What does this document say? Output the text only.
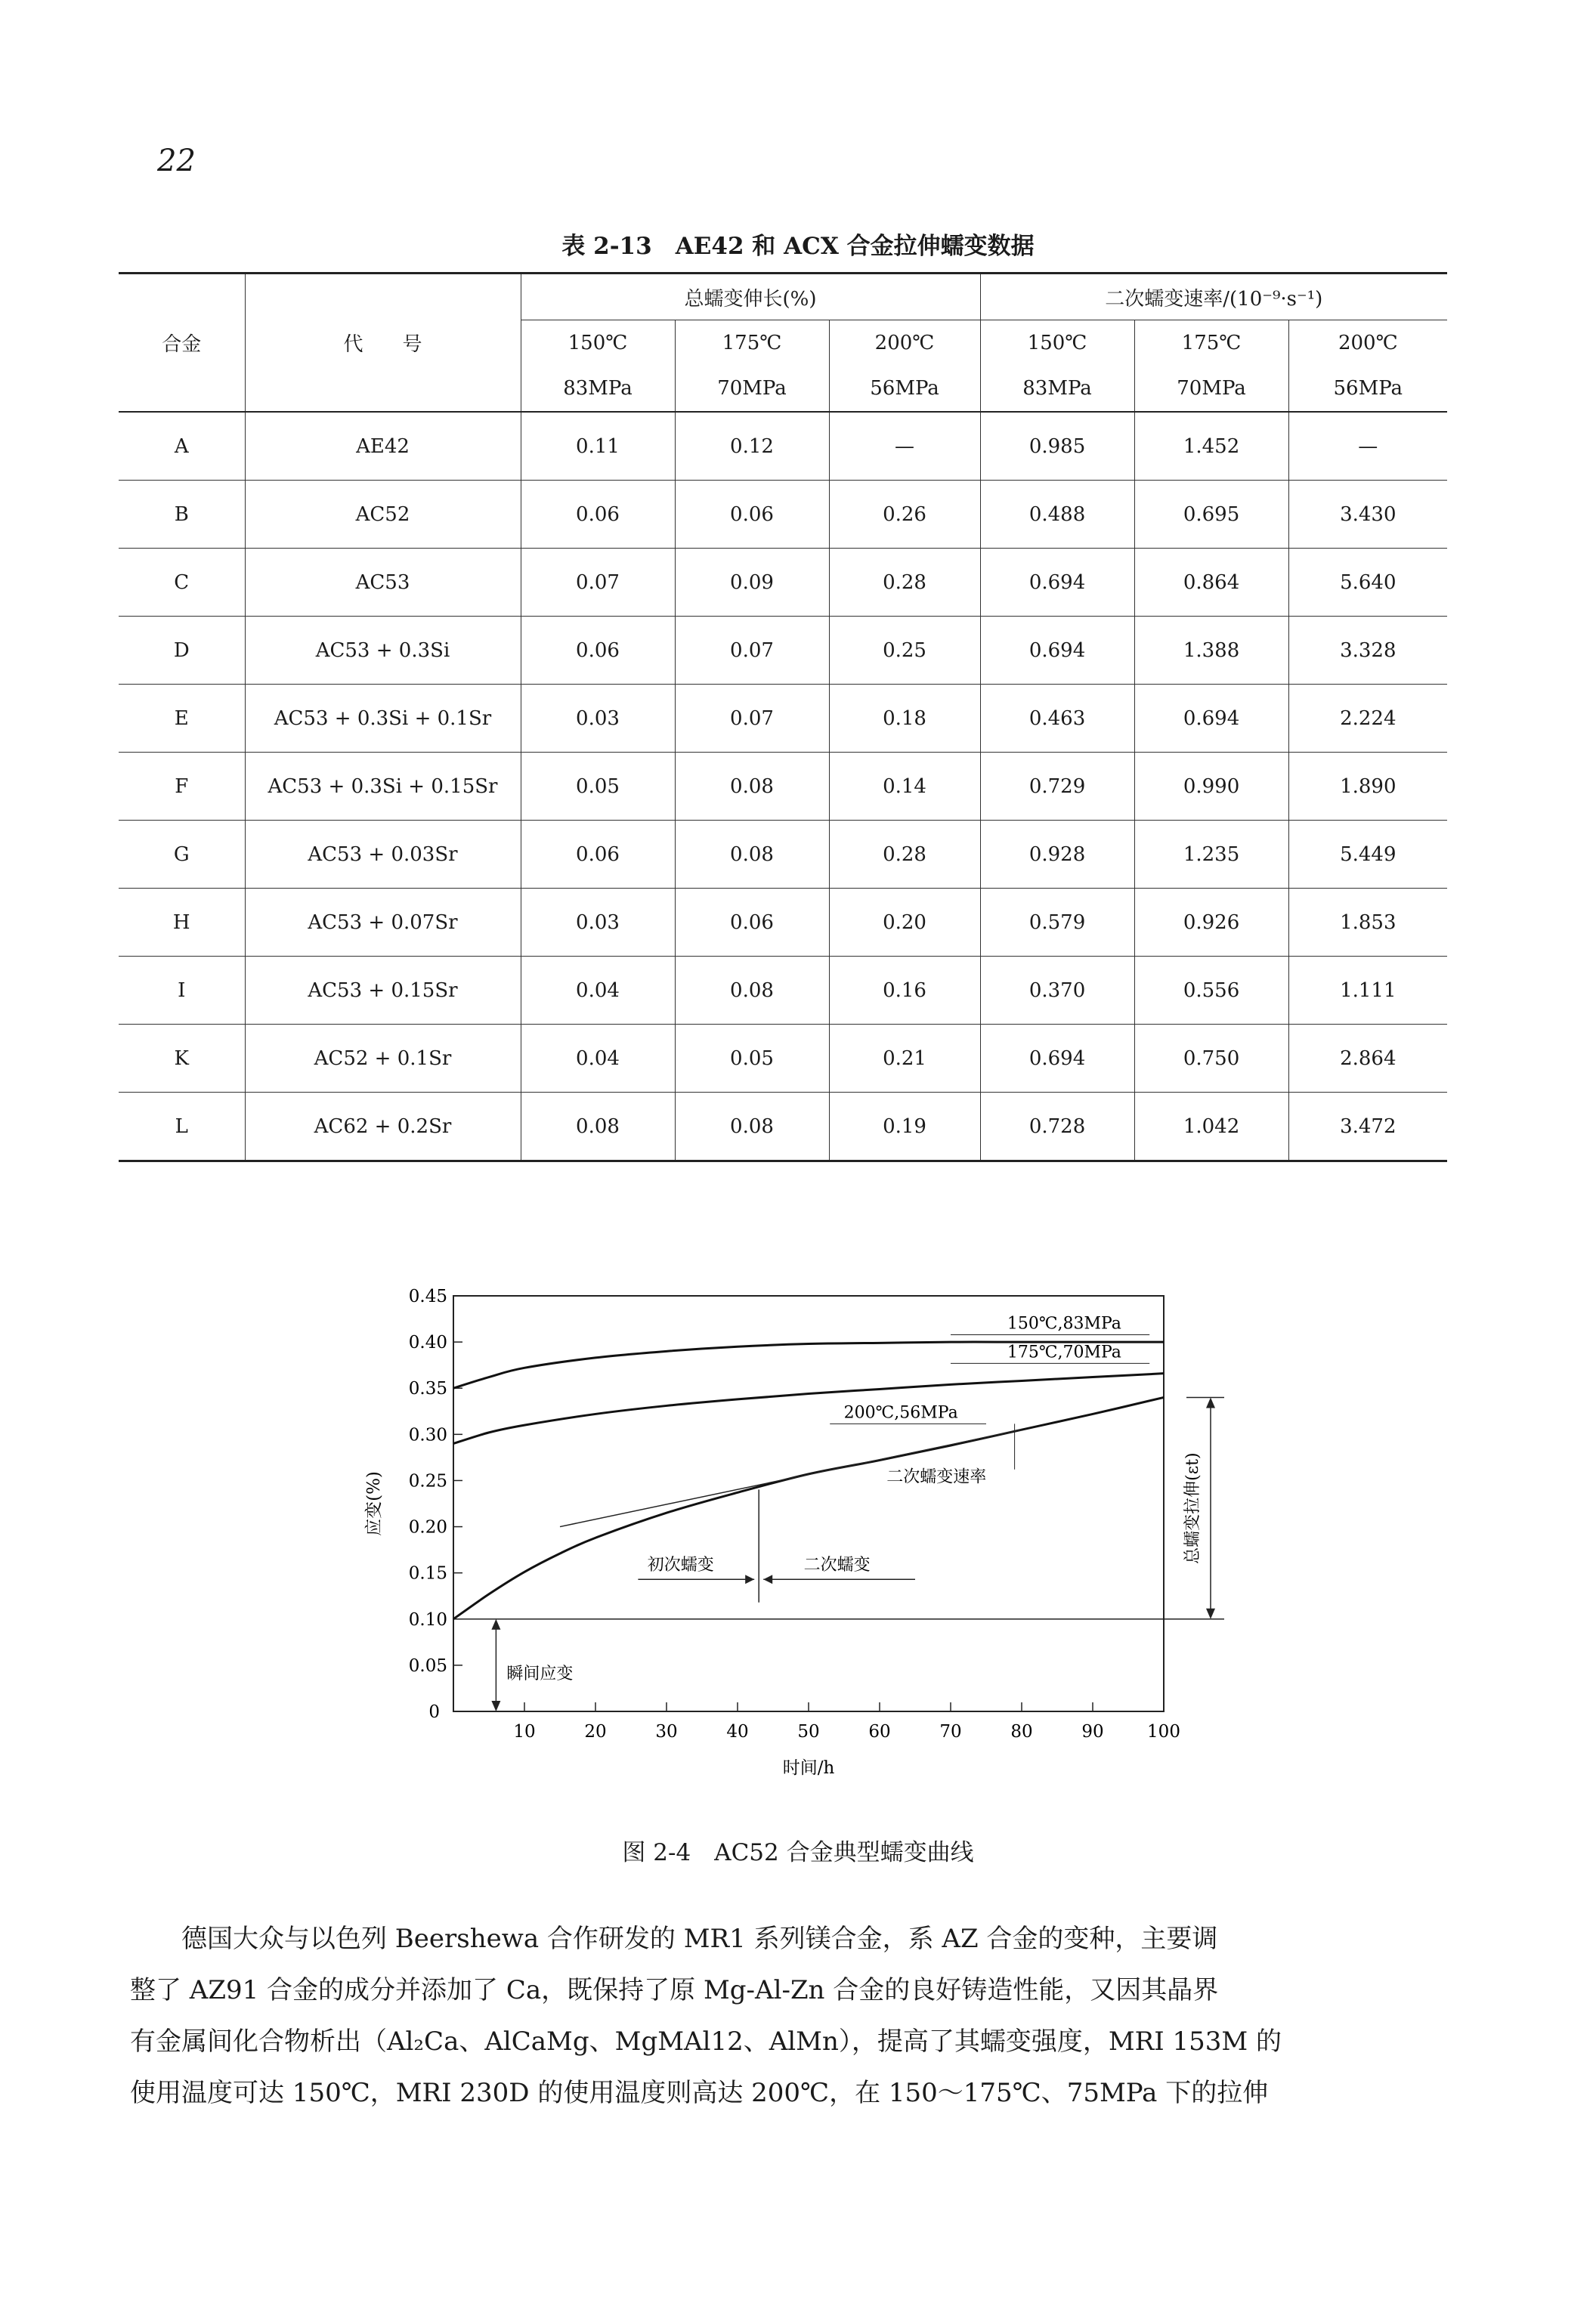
22
表 2-13　AE42 和 ACX 合金拉伸蠕变数据
合金	代　　号	总蠕变伸长(%)			二次蠕变速率/(10⁻⁹·s⁻¹)		
		150℃	175℃	200℃	150℃	175℃	200℃
		83MPa	70MPa	56MPa	83MPa	70MPa	56MPa
A	AE42	0.11	0.12	—	0.985	1.452	—
B	AC52	0.06	0.06	0.26	0.488	0.695	3.430
C	AC53	0.07	0.09	0.28	0.694	0.864	5.640
D	AC53 + 0.3Si	0.06	0.07	0.25	0.694	1.388	3.328
E	AC53 + 0.3Si + 0.1Sr	0.03	0.07	0.18	0.463	0.694	2.224
F	AC53 + 0.3Si + 0.15Sr	0.05	0.08	0.14	0.729	0.990	1.890
G	AC53 + 0.03Sr	0.06	0.08	0.28	0.928	1.235	5.449
H	AC53 + 0.07Sr	0.03	0.06	0.20	0.579	0.926	1.853
I	AC53 + 0.15Sr	0.04	0.08	0.16	0.370	0.556	1.111
K	AC52 + 0.1Sr	0.04	0.05	0.21	0.694	0.750	2.864
L	AC62 + 0.2Sr	0.08	0.08	0.19	0.728	1.042	3.472
0.05
0.10
0.15
0.20
0.25
0.30
0.35
0.40
0.45
0
10	20	30	40	50	60	70	80	90 100
时间/h
应变(%)
150℃,83MPa
175℃,70MPa
200℃,56MPa
二次蠕变速率
初次蠕变	二次蠕变
瞬间应变
总蠕变拉伸(εt)
图 2-4　AC52 合金典型蠕变曲线

德国大众与以色列 Beershewa 合作研发的 MR1 系列镁合金，系 AZ 合金的变种，主要调

整了 AZ91 合金的成分并添加了 Ca，既保持了原 Mg-Al-Zn 合金的良好铸造性能，又因其晶界
有金属间化合物析出（Al₂Ca、AlCaMg、MgMAl12、AlMn），提高了其蠕变强度，MRI 153M 的
使用温度可达 150℃，MRI 230D 的使用温度则高达 200℃，在 150～175℃、75MPa 下的拉伸
